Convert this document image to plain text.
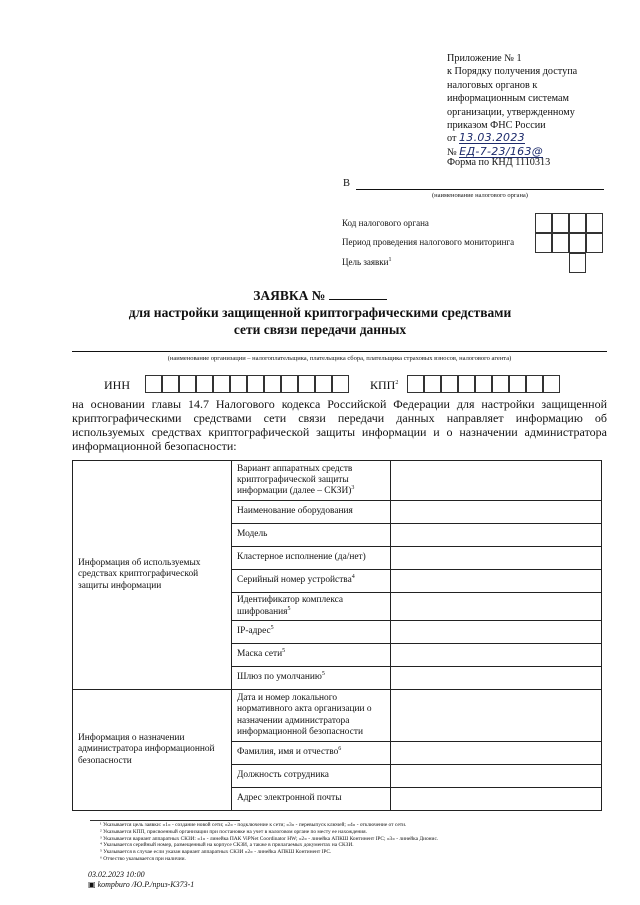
Приложение № 1
к Порядку получения доступа
налоговых органов к
информационным системам
организации, утвержденному
приказом ФНС России
от 13.03.2023
№ ЕД-7-23/163@
Форма по КНД 1110313
В
(наименование налогового органа)
Код налогового органа
Период проведения налогового мониторинга
Цель заявки$^1$
ЗАЯВКА №
для настройки защищенной криптографическими средствами
сети связи передачи данных
(наименование организации – налогоплательщика, плательщика сбора, плательщика страховых взносов, налогового агента)
ИНН	КПП$^2$
на основании главы 14.7 Налогового кодекса Российской Федерации для настройки защищенной криптографическими средствами сети связи передачи данных направляет информацию об используемых средствах криптографической защиты информации и о назначении администратора информационной безопасности:
Информация об используемых средствах криптографической защиты информации	Вариант аппаратных средств криптографической защиты информации (далее – СКЗИ)$^3$	
	Наименование оборудования	
	Модель	
	Кластерное исполнение (да/нет)	
	Серийный номер устройства$^4$	
	Идентификатор комплекса шифрования$^5$	
	IP-адрес$^5$	
	Маска сети$^5$	
	Шлюз по умолчанию$^5$	
Информация о назначении администратора информационной безопасности	Дата и номер локального нормативного акта организации о назначении администратора информационной безопасности	
	Фамилия, имя и отчество$^6$	
	Должность сотрудника	
	Адрес электронной почты	
¹ Указывается цель заявки: «1» - создание новой сети; «2» - подключение к сети; «3» - перевыпуск ключей; «4» - отключение от сети.
² Указывается КПП, присвоенный организации при постановке на учет в налоговом органе по месту ее нахождения.
³ Указывается вариант аппаратных СКЗИ: «1» - линейка ПАК ViPNet Coordinator HW; «2» - линейка АПКШ Континент IPC; «3» - линейка Дионис.
⁴ Указывается серийный номер, размещенный на корпусе СКЗИ, а также в прилагаемых документах на СКЗИ.
⁵ Указывается в случае если указан вариант аппаратных СКЗИ «2» - линейка АПКШ Континент IPC.
⁶ Отчество указывается при наличии.
03.02.2023 10:00
▣ kompburo /Ю.Р./приз-К373-1
